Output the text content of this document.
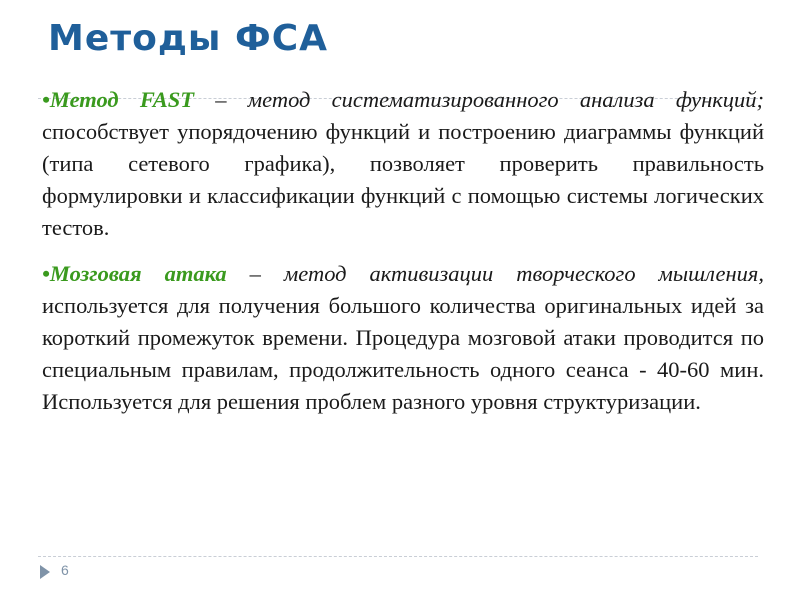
Методы ФСА

•Метод FAST – метод систематизированного анализа функций; способствует упорядочению функций и построению диаграммы функций (типа сетевого графика), позволяет проверить правильность формулировки и классификации функций с помощью системы логических тестов.

•Мозговая атака – метод активизации творческого мышления, используется для получения большого количества оригинальных идей за короткий промежуток времени. Процедура мозговой атаки проводится по специальным правилам, продолжительность одного сеанса - 40-60 мин. Используется для решения проблем разного уровня структуризации.

6
